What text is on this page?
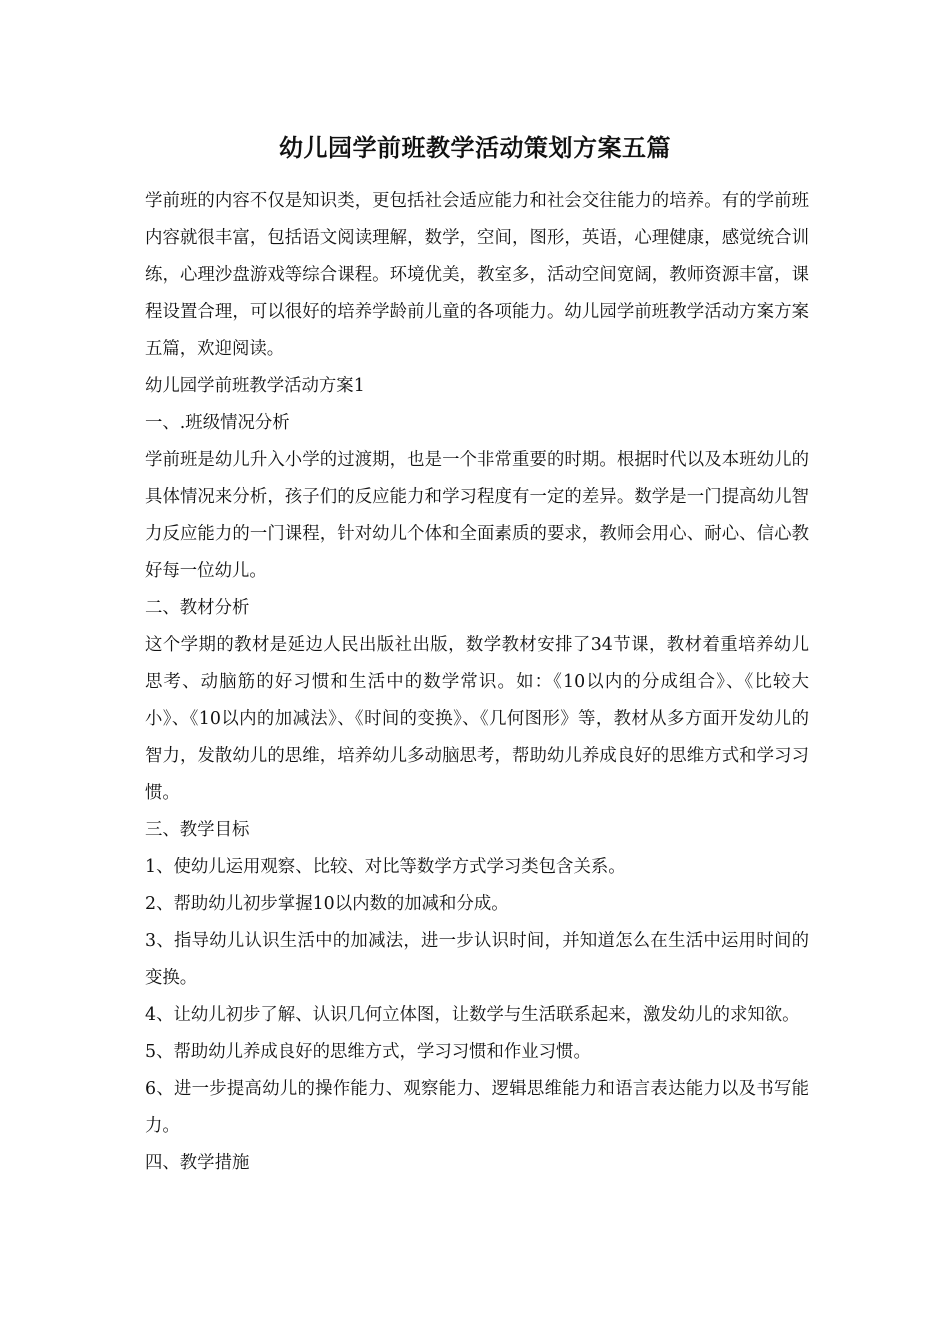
幼儿园学前班教学活动策划方案五篇

学前班的内容不仅是知识类，更包括社会适应能力和社会交往能力的培养。有的学前班内容就很丰富，包括语文阅读理解，数学，空间，图形，英语，心理健康，感觉统合训练，心理沙盘游戏等综合课程。环境优美，教室多，活动空间宽阔，教师资源丰富，课程设置合理，可以很好的培养学龄前儿童的各项能力。幼儿园学前班教学活动方案方案五篇，欢迎阅读。

幼儿园学前班教学活动方案1

一、.班级情况分析

学前班是幼儿升入小学的过渡期，也是一个非常重要的时期。根据时代以及本班幼儿的具体情况来分析，孩子们的反应能力和学习程度有一定的差异。数学是一门提高幼儿智力反应能力的一门课程，针对幼儿个体和全面素质的要求，教师会用心、耐心、信心教好每一位幼儿。

二、教材分析

这个学期的教材是延边人民出版社出版，数学教材安排了34节课，教材着重培养幼儿思考、动脑筋的好习惯和生活中的数学常识。如：《10以内的分成组合》、《比较大小》、《10以内的加减法》、《时间的变换》、《几何图形》等，教材从多方面开发幼儿的智力，发散幼儿的思维，培养幼儿多动脑思考，帮助幼儿养成良好的思维方式和学习习惯。

三、教学目标

1、使幼儿运用观察、比较、对比等数学方式学习类包含关系。

2、帮助幼儿初步掌握10以内数的加减和分成。

3、指导幼儿认识生活中的加减法，进一步认识时间，并知道怎么在生活中运用时间的变换。

4、让幼儿初步了解、认识几何立体图，让数学与生活联系起来，激发幼儿的求知欲。

5、帮助幼儿养成良好的思维方式，学习习惯和作业习惯。

6、进一步提高幼儿的操作能力、观察能力、逻辑思维能力和语言表达能力以及书写能力。

四、教学措施
